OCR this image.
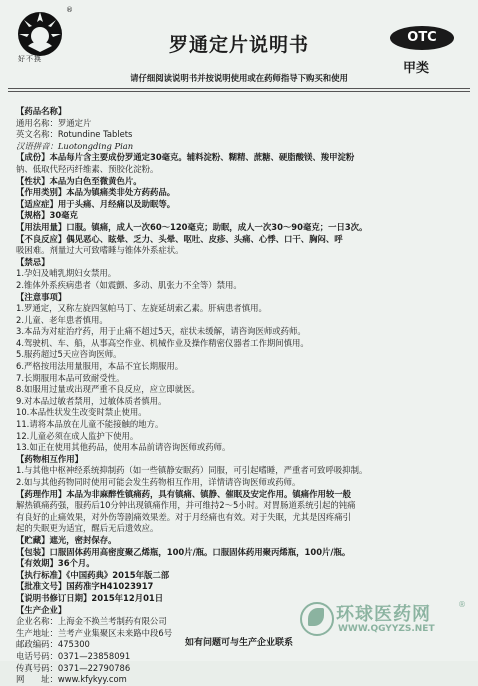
好不换
®
罗通定片说明书	OTC
甲类
请仔细阅读说明书并按说明使用或在药师指导下购买和使用
【药品名称】
通用名称：罗通定片
英文名称：Rotundine Tablets
汉语拼音：Luotongding Pian
【成份】本品每片含主要成份罗通定30毫克。辅料淀粉、糊精、蔗糖、硬脂酸镁、羧甲淀粉
钠、低取代羟丙纤维素、预胶化淀粉。
【性状】本品为白色至微黄色片。
【作用类别】本品为镇痛类非处方药药品。
【适应症】用于头痛、月经痛以及助眠等。
【规格】30毫克
【用法用量】口服。镇痛，成人一次60～120毫克；助眠，成人一次30～90毫克；一日3次。
【不良反应】偶见恶心、眩晕、乏力、头晕、呕吐、皮疹、头痛、心悸、口干、胸闷、呼
吸困难。剂量过大可致嗜睡与锥体外系症状。
【禁忌】
1.孕妇及哺乳期妇女禁用。
2.锥体外系疾病患者（如震颤、多动、肌张力不全等）禁用。
【注意事项】
1.罗通定，又称左旋四氢帕马丁、左旋延胡索乙素。肝病患者慎用。
2.儿童、老年患者慎用。
3.本品为对症治疗药，用于止痛不超过5天，症状未缓解，请咨询医师或药师。
4.驾驶机、车、船，从事高空作业、机械作业及操作精密仪器者工作期间慎用。
5.服药超过5天应咨询医师。
6.严格按用法用量服用，本品不宜长期服用。
7.长期服用本品可致耐受性。
8.如服用过量或出现严重不良反应，应立即就医。
9.对本品过敏者禁用，过敏体质者慎用。
10.本品性状发生改变时禁止使用。
11.请将本品放在儿童不能接触的地方。
12.儿童必须在成人监护下使用。
13.如正在使用其他药品，使用本品前请咨询医师或药师。
【药物相互作用】
1.与其他中枢神经系统抑制药（如一些镇静安眠药）同服，可引起嗜睡，严重者可致呼吸抑制。
2.如与其他药物同时使用可能会发生药物相互作用，详情请咨询医师或药师。
【药理作用】本品为非麻醉性镇痛药，具有镇痛、镇静、催眠及安定作用。镇痛作用较一般
解热镇痛药强，服药后10分钟出现镇痛作用，并可维持2～5小时。对胃肠道系统引起的钝痛
有良好的止痛效果，对外伤等剧痛效果差。对于月经痛也有效。对于失眠，尤其是因疼痛引
起的失眠更为适宜，醒后无后遗效应。
【贮藏】遮光，密封保存。
【包装】口服固体药用高密度聚乙烯瓶，100片/瓶。口服固体药用聚丙烯瓶，100片/瓶。
【有效期】36个月。
【执行标准】《中国药典》2015年版二部
【批准文号】国药准字H41023917
【说明书修订日期】2015年12月01日
【生产企业】
企业名称：上海金不换兰考制药有限公司
生产地址：兰考产业集聚区未来路中段6号
邮政编码：475300
电话号码：0371—23858091
传真号码：0371—22790786
网　　址：www.kfykyy.com
环球医药网
WWW.QGYYZS.NET
®
如有问题可与生产企业联系
